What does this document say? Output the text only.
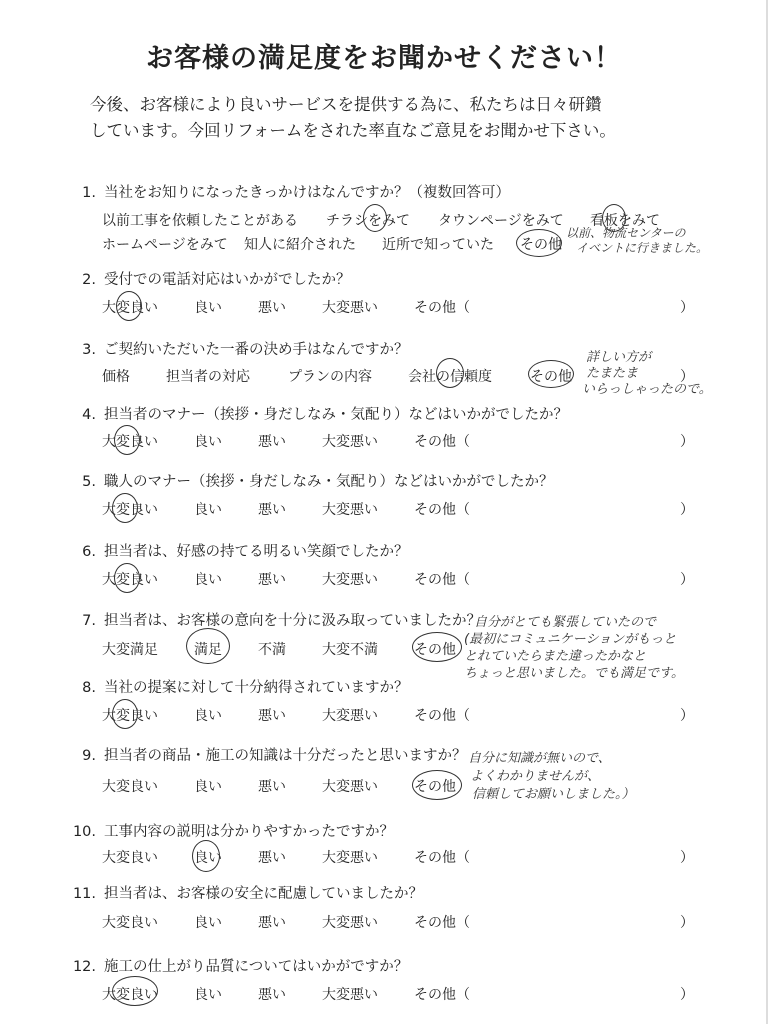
お客様の満足度をお聞かせください！
今後、お客様により良いサービスを提供する為に、私たちは日々研鑽
しています。今回リフォームをされた率直なご意見をお聞かせ下さい。
1. 当社をお知りになったきっかけはなんですか？（複数回答可）
以前工事を依頼したことがある チラシをみて タウンページをみて 看板をみて
ホームページをみて 知人に紹介された 近所で知っていた その他
以前、物流センターの
イベントに行きました。
2. 受付での電話対応はいかがでしたか？
大変良い	良い	悪い	大変悪い	その他（	）
3. ご契約いただいた一番の決め手はなんですか？
価格	担当者の対応	プランの内容	会社の信頼度	その他	）
詳しい方が
たまたま
いらっしゃったので。
4. 担当者のマナー（挨拶・身だしなみ・気配り）などはいかがでしたか？
大変良い	良い	悪い	大変悪い	その他（	）
5. 職人のマナー（挨拶・身だしなみ・気配り）などはいかがでしたか？
大変良い	良い	悪い	大変悪い	その他（	）
6. 担当者は、好感の持てる明るい笑顔でしたか？
大変良い	良い	悪い	大変悪い	その他（	）
7. 担当者は、お客様の意向を十分に汲み取っていましたか？
大変満足	満足	不満	大変不満	その他
自分がとても緊張していたので
(最初にコミュニケーションがもっと
とれていたらまた違ったかなと
ちょっと思いました。でも満足です。
8. 当社の提案に対して十分納得されていますか？
大変良い	良い	悪い	大変悪い	その他（	）
9. 担当者の商品・施工の知識は十分だったと思いますか？
大変良い	良い	悪い	大変悪い	その他
自分に知識が無いので、
よくわかりませんが、
信頼してお願いしました。）
10. 工事内容の説明は分かりやすかったですか？
大変良い	良い	悪い	大変悪い	その他（	）
11. 担当者は、お客様の安全に配慮していましたか？
大変良い	良い	悪い	大変悪い	その他（	）
12. 施工の仕上がり品質についてはいかがですか？
大変良い	良い	悪い	大変悪い	その他（	）
